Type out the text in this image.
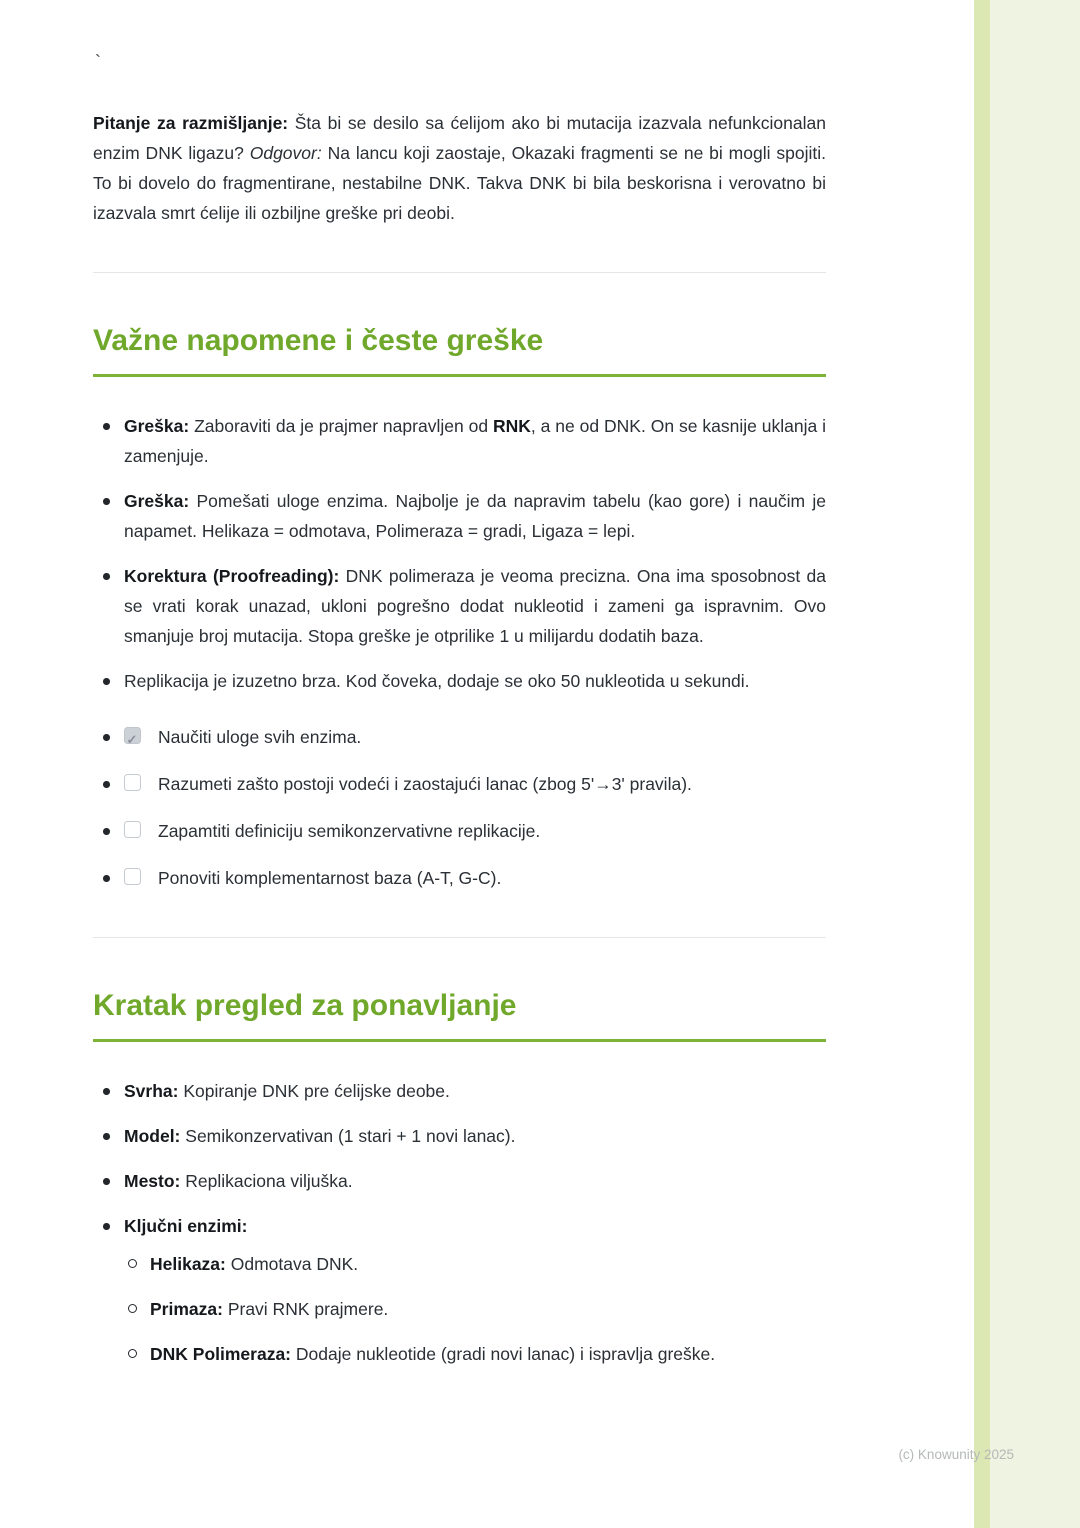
`

Pitanje za razmišljanje: Šta bi se desilo sa ćelijom ako bi mutacija izazvala nefunkcionalan enzim DNK ligazu? Odgovor: Na lancu koji zaostaje, Okazaki fragmenti se ne bi mogli spojiti. To bi dovelo do fragmentirane, nestabilne DNK. Takva DNK bi bila beskorisna i verovatno bi izazvala smrt ćelije ili ozbiljne greške pri deobi.

Važne napomene i česte greške
Greška: Zaboraviti da je prajmer napravljen od RNK, a ne od DNK. On se kasnije uklanja i zamenjuje.
Greška: Pomešati uloge enzima. Najbolje je da napravim tabelu (kao gore) i naučim je napamet. Helikaza = odmotava, Polimeraza = gradi, Ligaza = lepi.
Korektura (Proofreading): DNK polimeraza je veoma precizna. Ona ima sposobnost da se vrati korak unazad, ukloni pogrešno dodat nukleotid i zameni ga ispravnim. Ovo smanjuje broj mutacija. Stopa greške je otprilike 1 u milijardu dodatih baza.
Replikacija je izuzetno brza. Kod čoveka, dodaje se oko 50 nukleotida u sekundi.
✓
Naučiti uloge svih enzima.
Razumeti zašto postoji vodeći i zaostajući lanac (zbog 5'→3' pravila).
Zapamtiti definiciju semikonzervativne replikacije.
Ponoviti komplementarnost baza (A-T, G-C).
Kratak pregled za ponavljanje
Svrha: Kopiranje DNK pre ćelijske deobe.
Model: Semikonzervativan (1 stari + 1 novi lanac).
Mesto: Replikaciona viljuška.
Ključni enzimi:
Helikaza: Odmotava DNK.
Primaza: Pravi RNK prajmere.
DNK Polimeraza: Dodaje nukleotide (gradi novi lanac) i ispravlja greške.
(c) Knowunity 2025
